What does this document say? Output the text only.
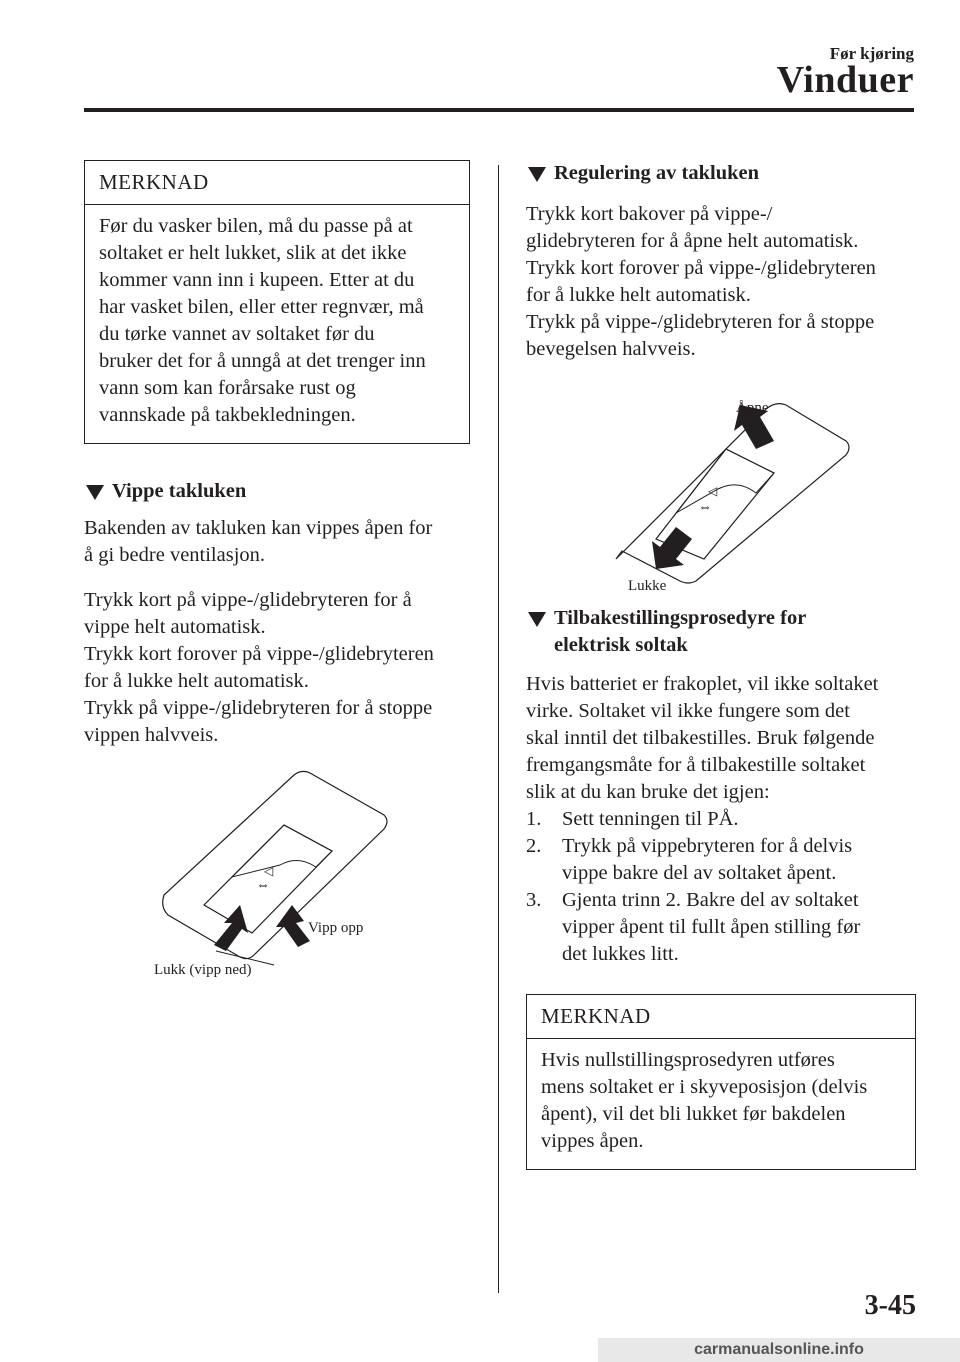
Før kjøring
Vinduer
MERKNAD
Før du vasker bilen, må du passe på at
soltaket er helt lukket, slik at det ikke
kommer vann inn i kupeen. Etter at du
har vasket bilen, eller etter regnvær, må
du tørke vannet av soltaket før du
bruker det for å unngå at det trenger inn
vann som kan forårsake rust og
vannskade på takbekledningen.
Vippe takluken
Bakenden av takluken kan vippes åpen for
å gi bedre ventilasjon.
Trykk kort på vippe-/glidebryteren for å
vippe helt automatisk.
Trykk kort forover på vippe-/glidebryteren
for å lukke helt automatisk.
Trykk på vippe-/glidebryteren for å stoppe
vippen halvveis.
◁
⇔
Vipp opp
Lukk (vipp ned)
Regulering av takluken
Trykk kort bakover på vippe-/
glidebryteren for å åpne helt automatisk.
Trykk kort forover på vippe-/glidebryteren
for å lukke helt automatisk.
Trykk på vippe-/glidebryteren for å stoppe
bevegelsen halvveis.
◁
⇔
Åpne
Lukke
Tilbakestillingsprosedyre for
elektrisk soltak
Hvis batteriet er frakoplet, vil ikke soltaket
virke. Soltaket vil ikke fungere som det
skal inntil det tilbakestilles. Bruk følgende
fremgangsmåte for å tilbakestille soltaket
slik at du kan bruke det igjen:
1. Sett tenningen til PÅ.
2. Trykk på vippebryteren for å delvis
vippe bakre del av soltaket åpent.
3. Gjenta trinn 2. Bakre del av soltaket
vipper åpent til fullt åpen stilling før
det lukkes litt.
MERKNAD
Hvis nullstillingsprosedyren utføres
mens soltaket er i skyveposisjon (delvis
åpent), vil det bli lukket før bakdelen
vippes åpen.
3-45
carmanualsonline.info
